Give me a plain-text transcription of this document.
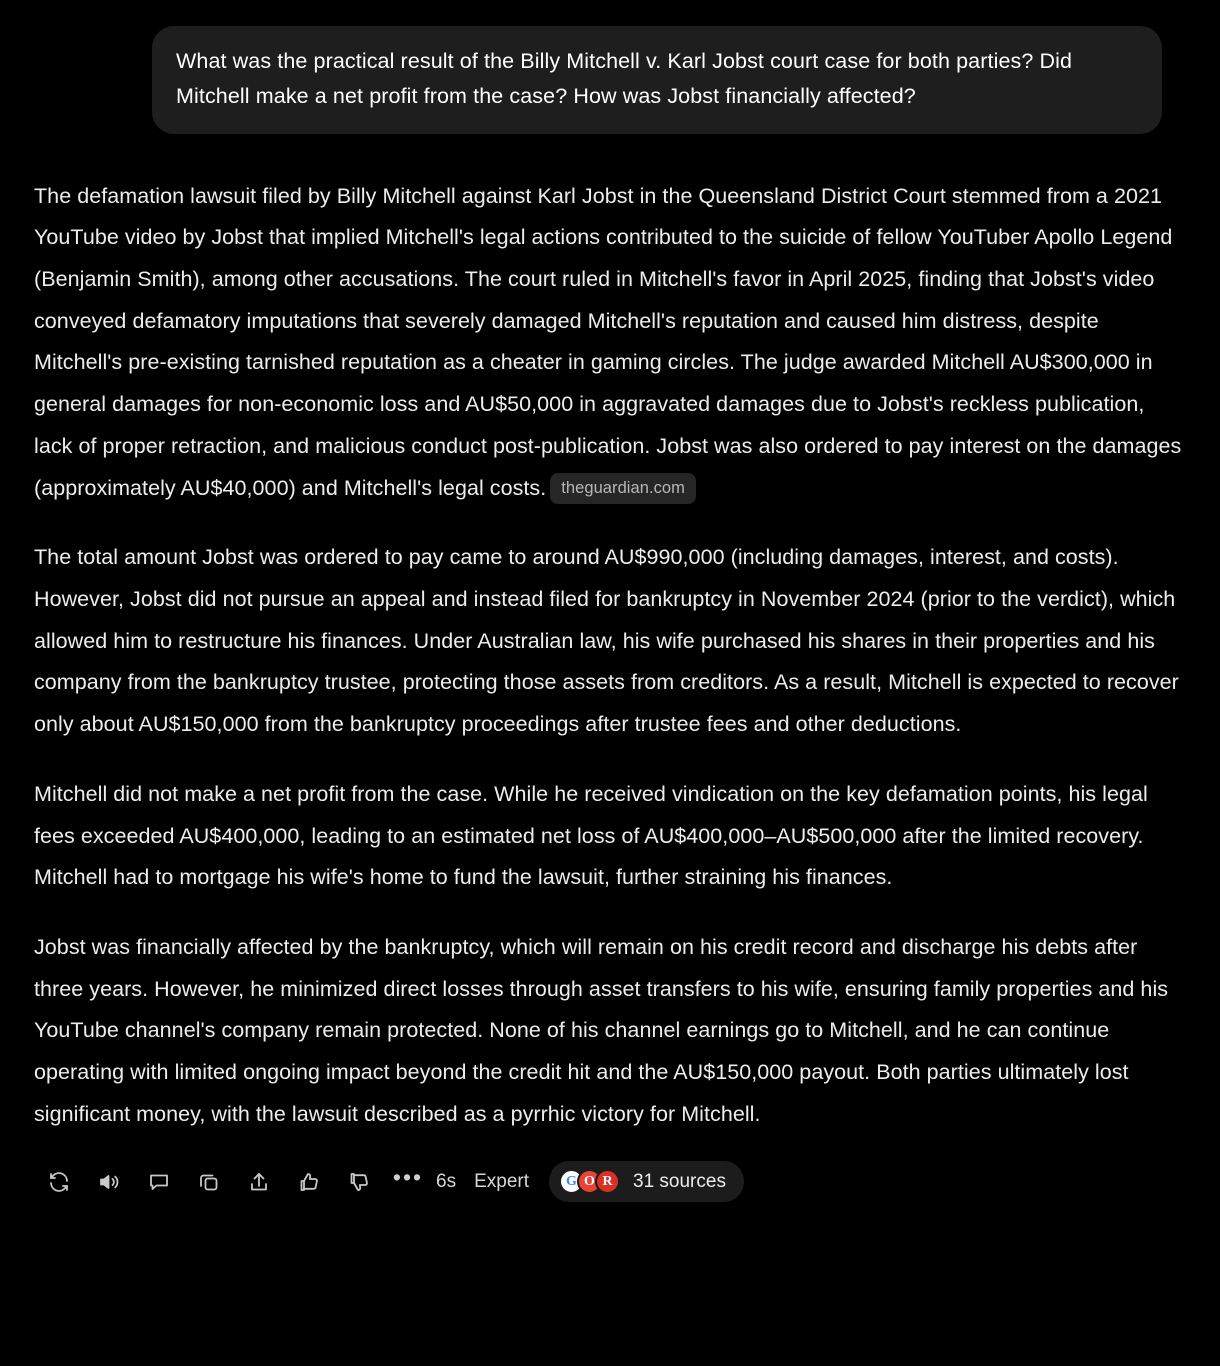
What was the practical result of the Billy Mitchell v. Karl Jobst court case for both parties? Did Mitchell make a net profit from the case? How was Jobst financially affected?

The defamation lawsuit filed by Billy Mitchell against Karl Jobst in the Queensland District Court stemmed from a 2021 YouTube video by Jobst that implied Mitchell's legal actions contributed to the suicide of fellow YouTuber Apollo Legend (Benjamin Smith), among other accusations. The court ruled in Mitchell's favor in April 2025, finding that Jobst's video conveyed defamatory imputations that severely damaged Mitchell's reputation and caused him distress, despite Mitchell's pre-existing tarnished reputation as a cheater in gaming circles. The judge awarded Mitchell AU$300,000 in general damages for non-economic loss and AU$50,000 in aggravated damages due to Jobst's reckless publication, lack of proper retraction, and malicious conduct post-publication. Jobst was also ordered to pay interest on the damages (approximately AU$40,000) and Mitchell's legal costs. theguardian.com

The total amount Jobst was ordered to pay came to around AU$990,000 (including damages, interest, and costs). However, Jobst did not pursue an appeal and instead filed for bankruptcy in November 2024 (prior to the verdict), which allowed him to restructure his finances. Under Australian law, his wife purchased his shares in their properties and his company from the bankruptcy trustee, protecting those assets from creditors. As a result, Mitchell is expected to recover only about AU$150,000 from the bankruptcy proceedings after trustee fees and other deductions.

Mitchell did not make a net profit from the case. While he received vindication on the key defamation points, his legal fees exceeded AU$400,000, leading to an estimated net loss of AU$400,000–AU$500,000 after the limited recovery. Mitchell had to mortgage his wife's home to fund the lawsuit, further straining his finances.

Jobst was financially affected by the bankruptcy, which will remain on his credit record and discharge his debts after three years. However, he minimized direct losses through asset transfers to his wife, ensuring family properties and his YouTube channel's company remain protected. None of his channel earnings go to Mitchell, and he can continue operating with limited ongoing impact beyond the credit hit and the AU$150,000 payout. Both parties ultimately lost significant money, with the lawsuit described as a pyrrhic victory for Mitchell.

••• 6s Expert	G O R	31 sources
